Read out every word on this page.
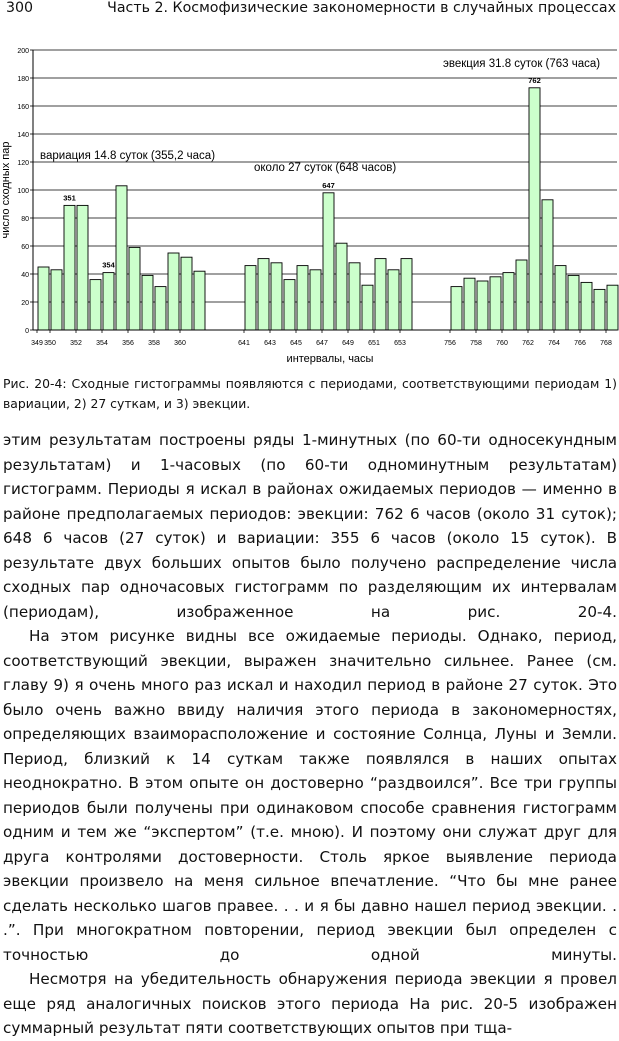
300	Часть 2. Космофизические закономерности в случайных процессах
0
20
40
60
80
100
120
140
160
180
200
349 350 352 354 356 358 360	641 643 645 647 649 651 653	756 758 760 762 764 766 768
354
647
762
351
число сходных пар
интервалы, часы
вариация 14.8 суток (355,2 часа)
около 27 суток (648 часов)
эвекция 31.8 суток (763 часа)
Рис. 20-4: Сходные гистограммы появляются с периодами, соответствующими периодам 1) вариации, 2) 27 суткам, и 3) эвекции.

этим результатам построены ряды 1-минутных (по 60-ти односекундным результатам) и 1-часовых (по 60-ти одноминутным результатам) гистограмм. Периоды я искал в районах ожидаемых периодов — именно в районе предполагаемых периодов: эвекции: 762 6 часов (около 31 суток); 648 6 часов (27 суток) и вариации: 355 6 часов (около 15 суток). В результате двух больших опытов было получено распределение числа сходных пар одночасовых гистограмм по разделяющим их интервалам (периодам), изображенное на рис. 20-4.

На этом рисунке видны все ожидаемые периоды. Однако, период, соответствующий эвекции, выражен значительно сильнее. Ранее (см. главу 9) я очень много раз искал и находил период в районе 27 суток. Это было очень важно ввиду наличия этого периода в закономерностях, определяющих взаиморасположение и состояние Солнца, Луны и Земли. Период, близкий к 14 суткам также появлялся в наших опытах неоднократно. В этом опыте он достоверно “раздвоился”. Все три группы периодов были получены при одинаковом способе сравнения гистограмм одним и тем же “экспертом” (т.е. мною). И поэтому они служат друг для друга контролями достоверности. Столь яркое выявление периода эвекции произвело на меня сильное впечатление. “Что бы мне ранее сделать несколько шагов правее. . . и я бы давно нашел период эвекции. . .”. При многократном повторении, период эвекции был определен с точностью до одной минуты.

Несмотря на убедительность обнаружения периода эвекции я провел еще ряд аналогичных поисков этого периода На рис. 20-5 изображен суммарный результат пяти соответствующих опытов при тща-
